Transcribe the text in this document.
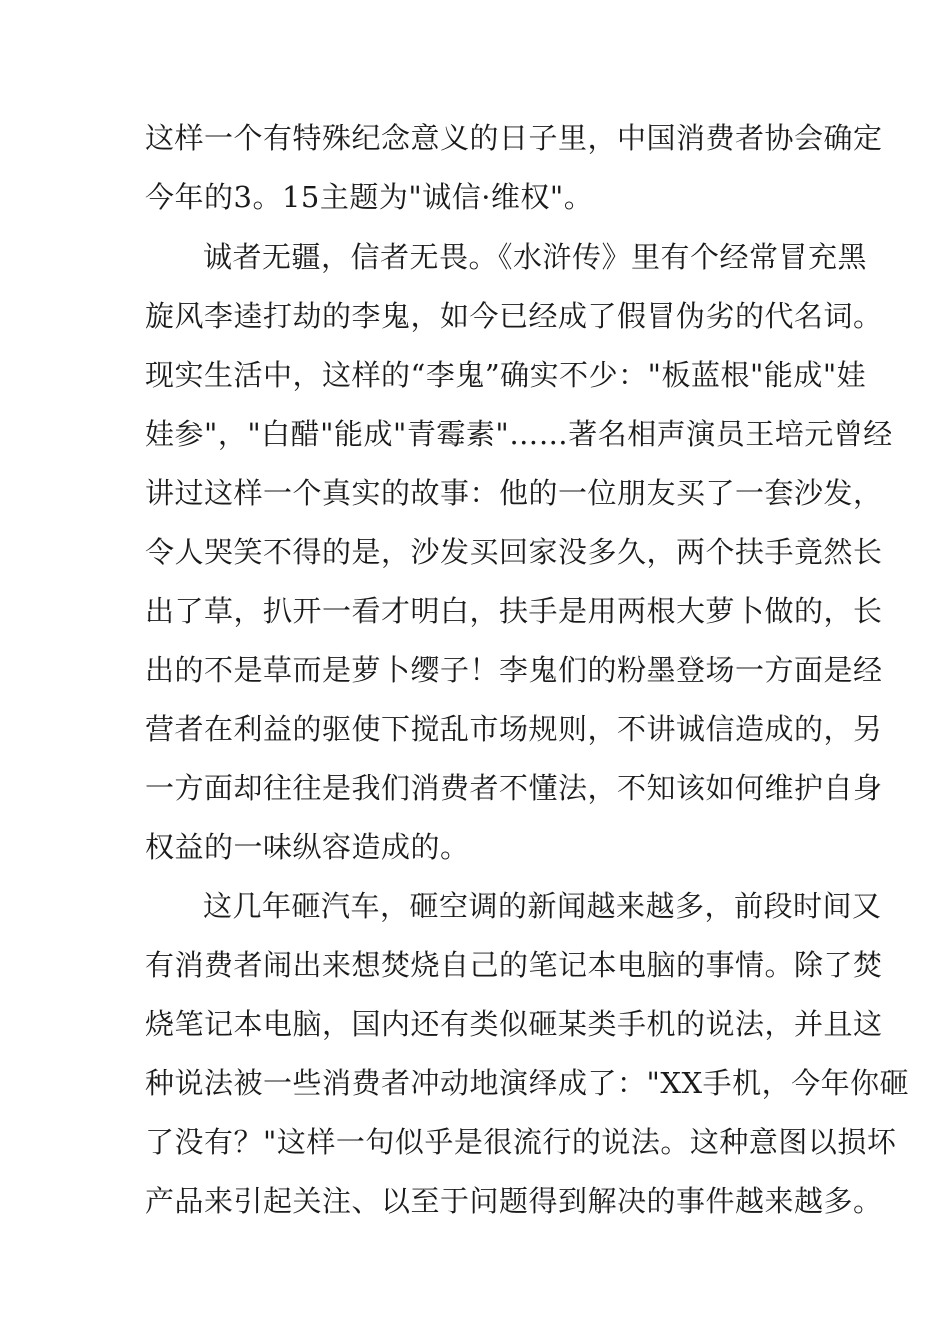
这样一个有特殊纪念意义的日子里，中国消费者协会确定
今年的3。15主题为"诚信·维权"。
诚者无疆，信者无畏。《水浒传》里有个经常冒充黑
旋风李逵打劫的李鬼，如今已经成了假冒伪劣的代名词。
现实生活中，这样的“李鬼”确实不少："板蓝根"能成"娃
娃参"，"白醋"能成"青霉素"……著名相声演员王培元曾经
讲过这样一个真实的故事：他的一位朋友买了一套沙发，
令人哭笑不得的是，沙发买回家没多久，两个扶手竟然长
出了草，扒开一看才明白，扶手是用两根大萝卜做的，长
出的不是草而是萝卜缨子！李鬼们的粉墨登场一方面是经
营者在利益的驱使下搅乱市场规则，不讲诚信造成的，另
一方面却往往是我们消费者不懂法，不知该如何维护自身
权益的一味纵容造成的。
这几年砸汽车，砸空调的新闻越来越多，前段时间又
有消费者闹出来想焚烧自己的笔记本电脑的事情。除了焚
烧笔记本电脑，国内还有类似砸某类手机的说法，并且这
种说法被一些消费者冲动地演绎成了："XX手机，今年你砸
了没有？"这样一句似乎是很流行的说法。这种意图以损坏
产品来引起关注、以至于问题得到解决的事件越来越多。
